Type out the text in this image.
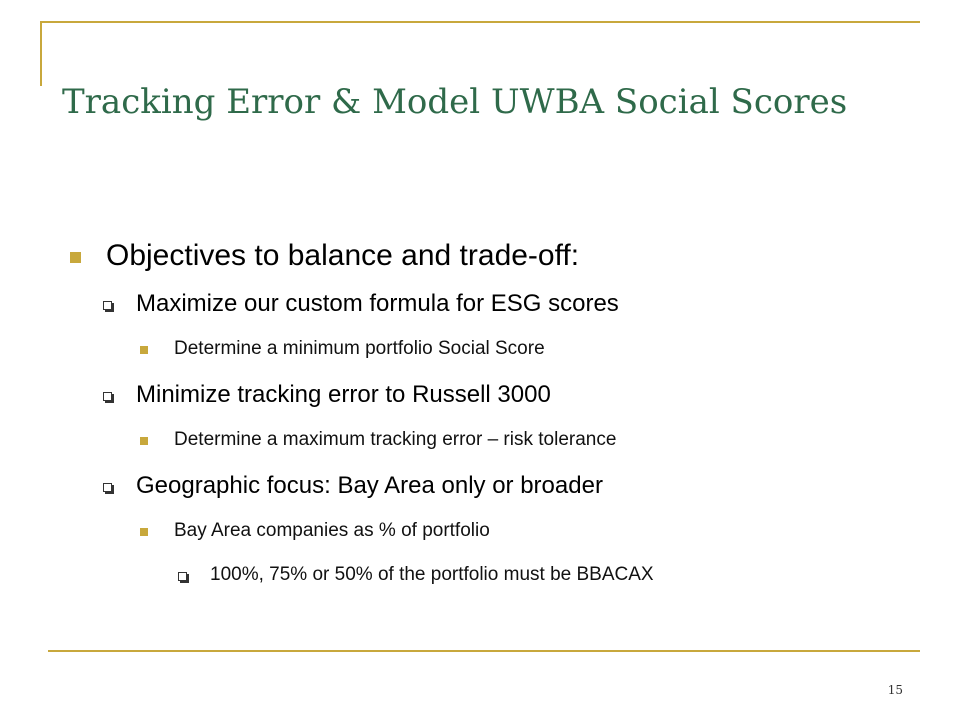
Tracking Error & Model UWBA Social Scores
Objectives to balance and trade-off:
Maximize our custom formula for ESG scores
Determine a minimum portfolio Social Score
Minimize tracking error to Russell 3000
Determine a maximum tracking error – risk tolerance
Geographic focus: Bay Area only or broader
Bay Area companies as % of portfolio
100%, 75% or 50% of the portfolio must be BBACAX
15
